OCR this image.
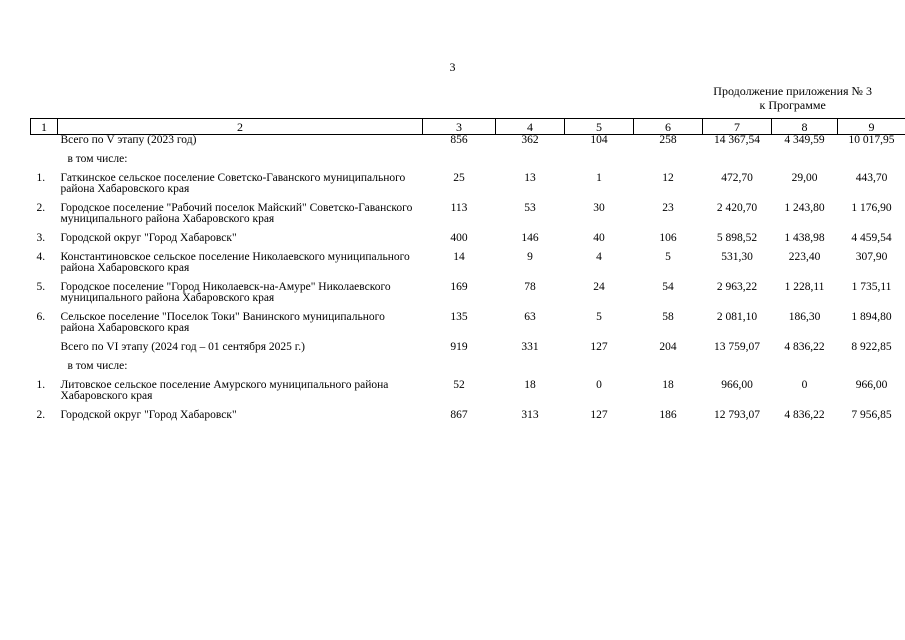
3
Продолжение приложения № 3
к Программе
1	2	3	4	5	6	7	8	9
	Всего по V этапу (2023 год)	856	362	104	258	14 367,54	4 349,59	10 017,95
	в том числе:							
1.	Гаткинское сельское поселение Советско-Гаванского муниципального района Хабаровского края	25	13	1	12	472,70	29,00	443,70
2.	Городское поселение "Рабочий поселок Майский" Советско-Гаванского муниципального района Хабаровского края	113	53	30	23	2 420,70	1 243,80	1 176,90
3.	Городской округ "Город Хабаровск"	400	146	40	106	5 898,52	1 438,98	4 459,54
4.	Константиновское сельское поселение Николаевского муниципального района Хабаровского края	14	9	4	5	531,30	223,40	307,90
5.	Городское поселение "Город Николаевск-на-Амуре" Николаевского муниципального района Хабаровского края	169	78	24	54	2 963,22	1 228,11	1 735,11
6.	Сельское поселение "Поселок Токи" Ванинского муниципального района Хабаровского края	135	63	5	58	2 081,10	186,30	1 894,80
	Всего по VI этапу (2024 год – 01 сентября 2025 г.)	919	331	127	204	13 759,07	4 836,22	8 922,85
	в том числе:							
1.	Литовское сельское поселение Амурского муниципального района Хабаровского края	52	18	0	18	966,00	0	966,00
2.	Городской округ "Город Хабаровск"	867	313	127	186	12 793,07	4 836,22	7 956,85
